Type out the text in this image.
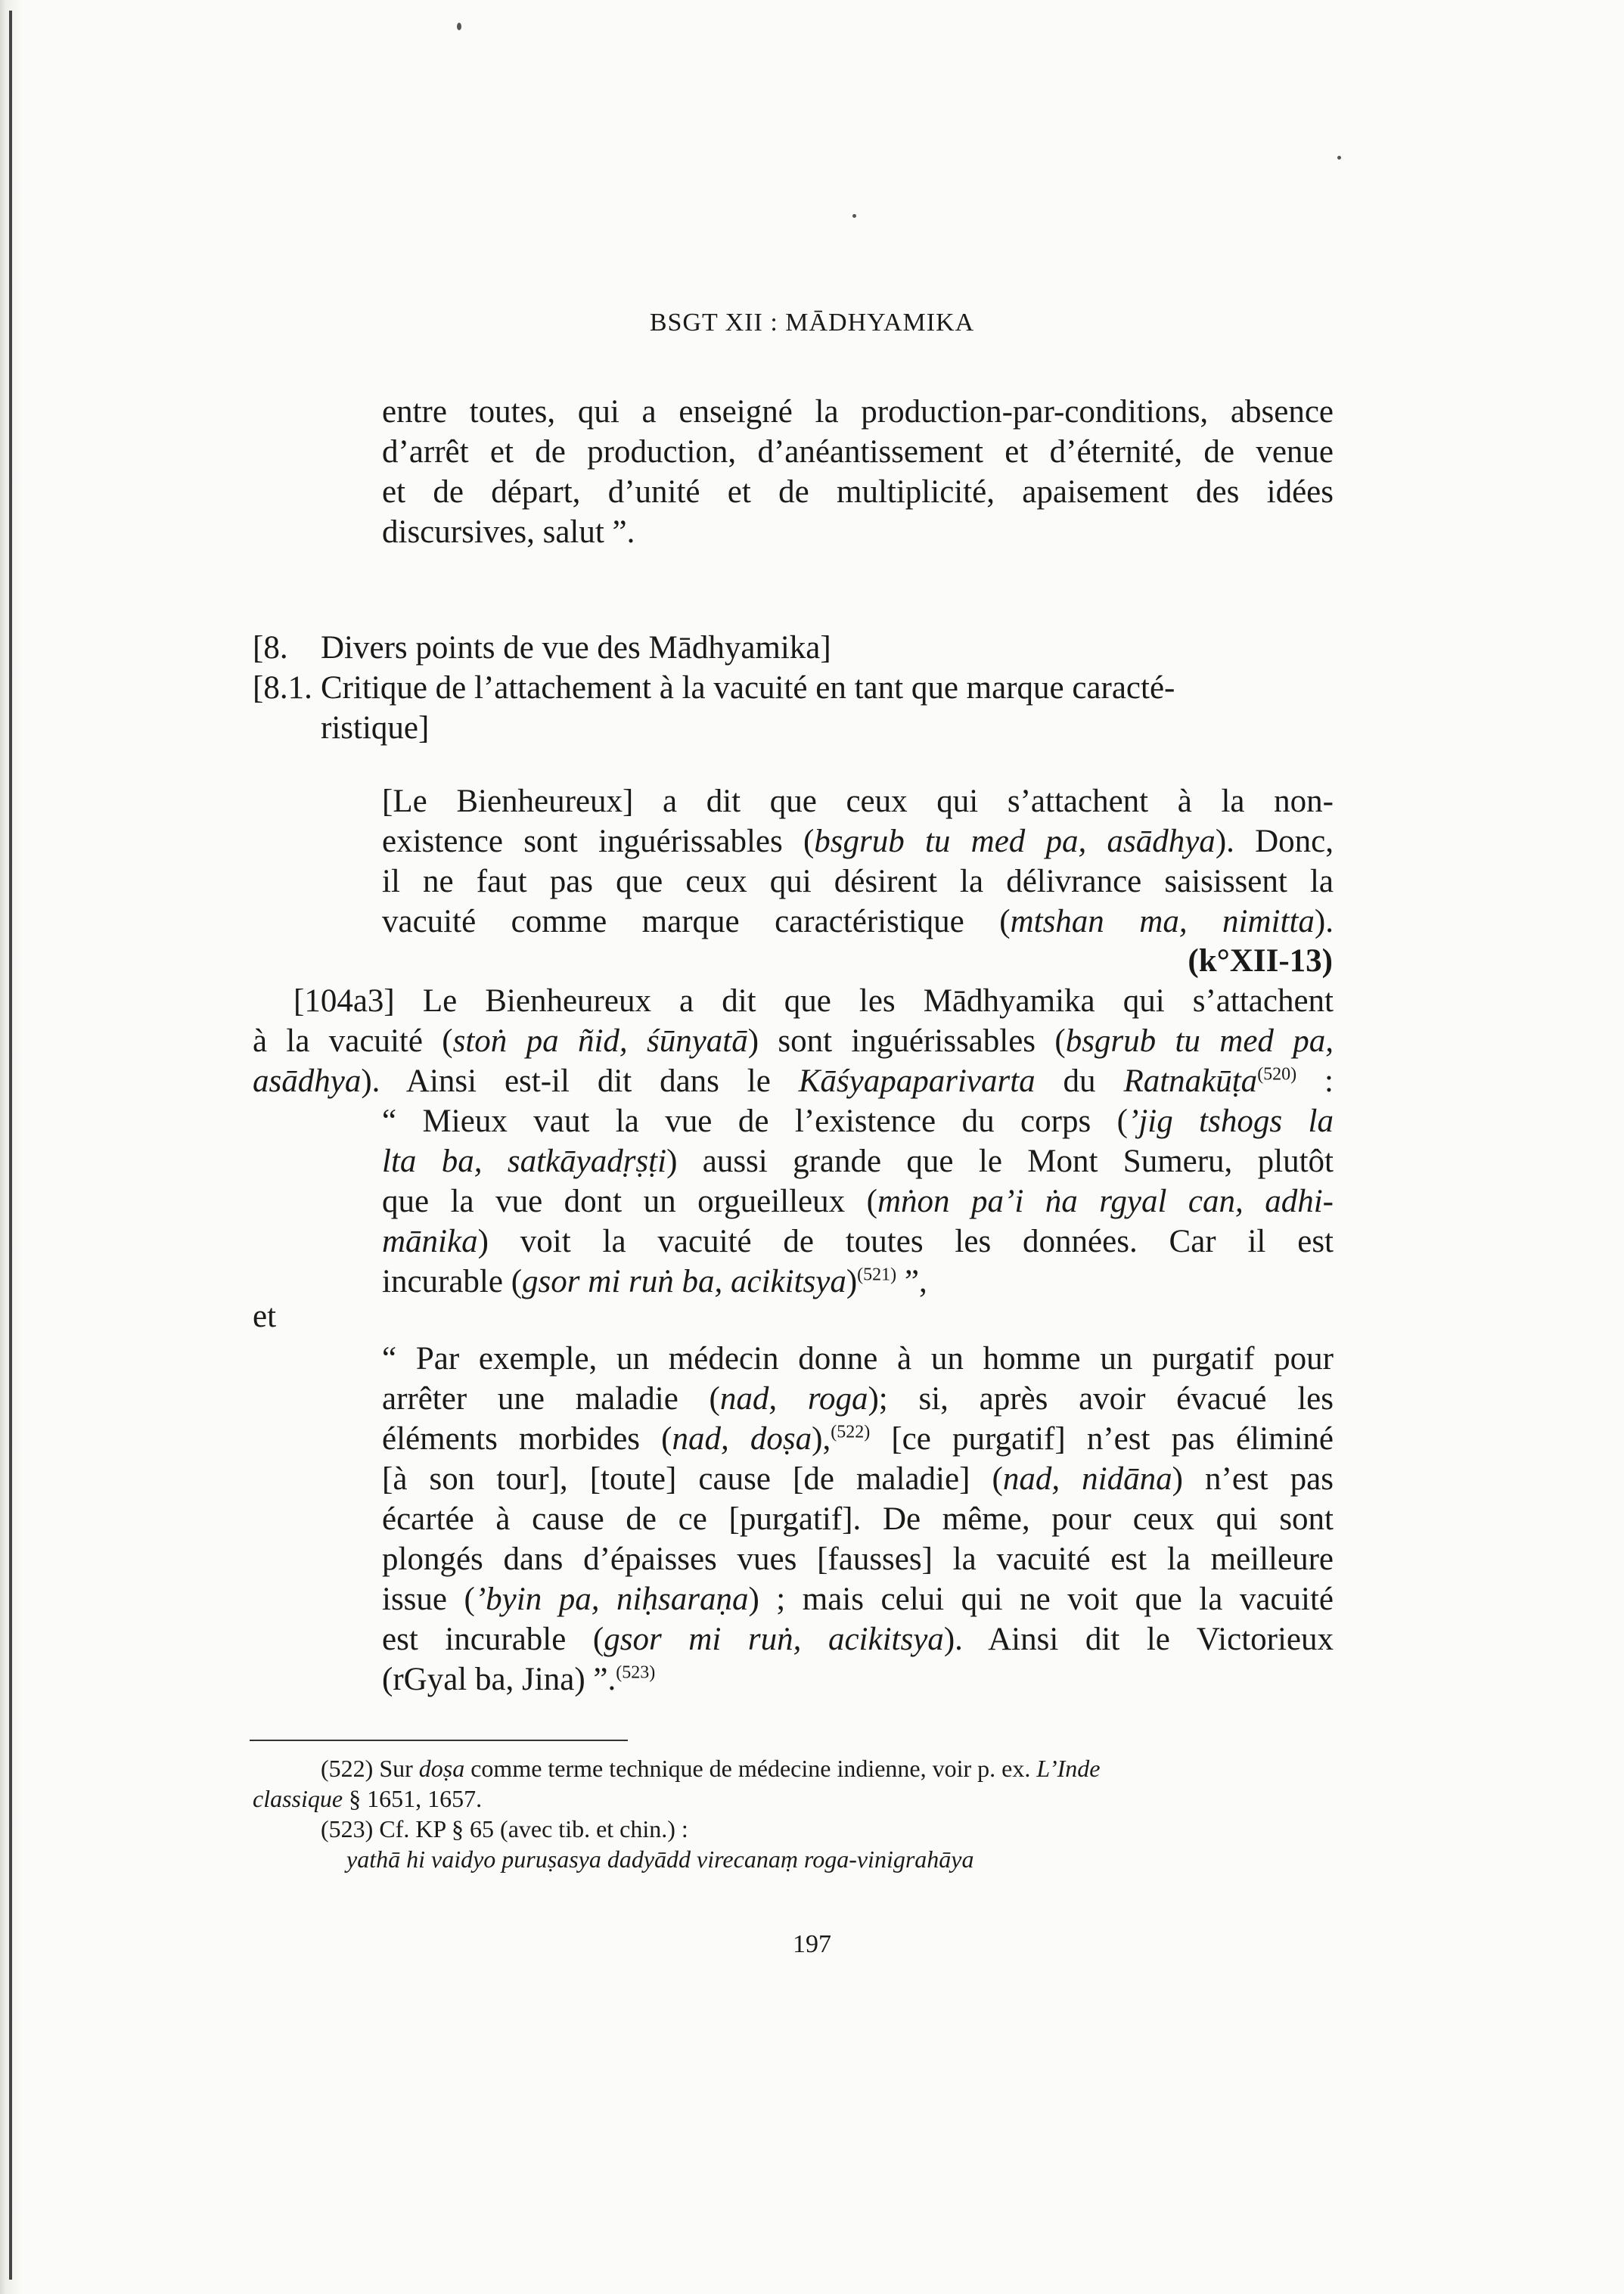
BSGT XII : MĀDHYAMIKA
entre toutes, qui a enseigné la production-par-conditions, absence
d’arrêt et de production, d’anéantissement et d’éternité, de venue
et de départ, d’unité et de multiplicité, apaisement des idées
discursives, salut ”.
[8. Divers points de vue des Mādhyamika]
[8.1. Critique de l’attachement à la vacuité en tant que marque caracté-
ristique]
[Le Bienheureux] a dit que ceux qui s’attachent à la non-
existence sont inguérissables (bsgrub tu med pa, asādhya). Donc,
il ne faut pas que ceux qui désirent la délivrance saisissent la
vacuité comme marque caractéristique (mtshan ma, nimitta).
(k°XII-13)
[104a3] Le Bienheureux a dit que les Mādhyamika qui s’attachent
à la vacuité (stoṅ pa ñid, śūnyatā) sont inguérissables (bsgrub tu med pa,
asādhya). Ainsi est-il dit dans le Kāśyapaparivarta du Ratnakūṭa$^{(520)}$ :
“ Mieux vaut la vue de l’existence du corps (’jig tshogs la
lta ba, satkāyadṛṣṭi) aussi grande que le Mont Sumeru, plutôt
que la vue dont un orgueilleux (mṅon pa’i ṅa rgyal can, adhi-
mānika) voit la vacuité de toutes les données. Car il est
incurable (gsor mi ruṅ ba, acikitsya)$^{(521)}$ ”,
et
“ Par exemple, un médecin donne à un homme un purgatif pour
arrêter une maladie (nad, roga); si, après avoir évacué les
éléments morbides (nad, doṣa),$^{(522)}$ [ce purgatif] n’est pas éliminé
[à son tour], [toute] cause [de maladie] (nad, nidāna) n’est pas
écartée à cause de ce [purgatif]. De même, pour ceux qui sont
plongés dans d’épaisses vues [fausses] la vacuité est la meilleure
issue (’byin pa, niḥsaraṇa) ; mais celui qui ne voit que la vacuité
est incurable (gsor mi ruṅ, acikitsya). Ainsi dit le Victorieux
(rGyal ba, Jina) ”.$^{(523)}$
(522) Sur doṣa comme terme technique de médecine indienne, voir p. ex. L’Inde
classique § 1651, 1657.
(523) Cf. KP § 65 (avec tib. et chin.) :
yathā hi vaidyo puruṣasya dadyādd virecanaṃ roga-vinigrahāya
197
